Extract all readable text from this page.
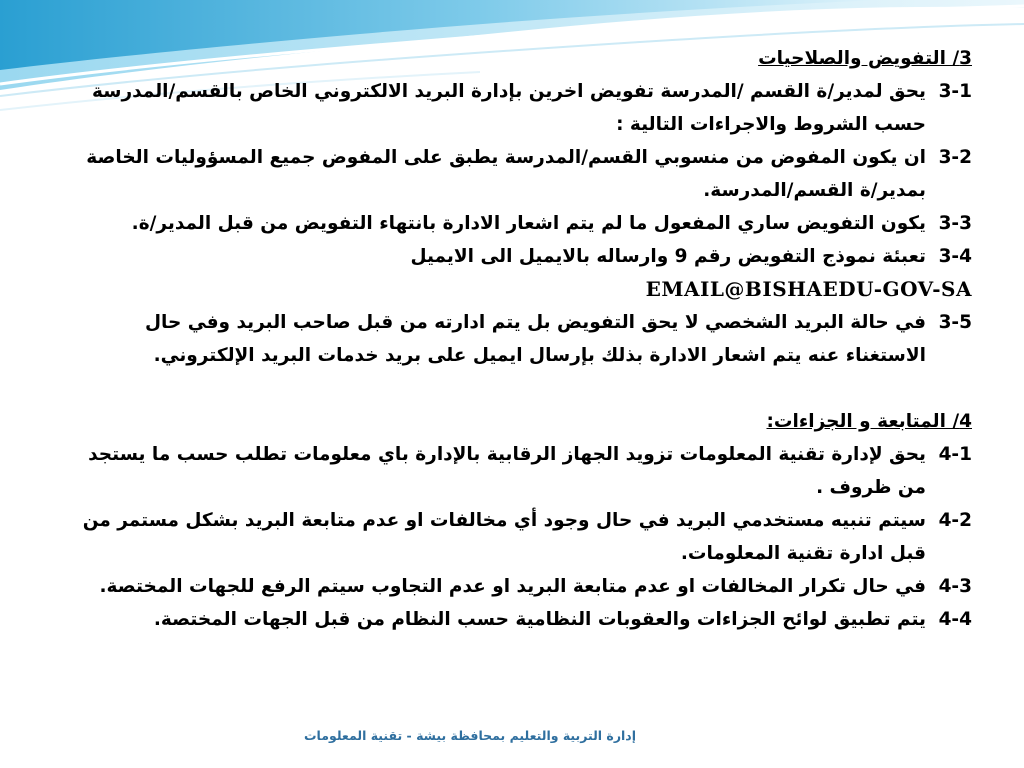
3/ التفويض والصلاحيات
3-1
يحق لمدير/ة القسم /المدرسة تفويض اخرين بإدارة البريد الالكتروني الخاص بالقسم/المدرسة حسب الشروط والاجراءات التالية :
3-2
ان يكون المفوض من منسوبي القسم/المدرسة يطبق على المفوض جميع المسؤوليات الخاصة بمدير/ة القسم/المدرسة.
3-3
يكون التفويض ساري المفعول ما لم يتم اشعار الادارة بانتهاء التفويض من قبل المدير/ة.
3-4
تعبئة نموذج التفويض رقم 9 وارساله بالايميل الى الايميل
EMAIL@BISHAEDU-GOV-SA
3-5
في حالة البريد الشخصي لا يحق التفويض بل يتم ادارته من قبل صاحب البريد وفي حال الاستغناء عنه يتم اشعار الادارة بذلك بإرسال ايميل على بريد خدمات البريد الإلكتروني.
4/ المتابعة و الجزاءات:
4-1
يحق لإدارة تقنية المعلومات تزويد الجهاز الرقابية بالإدارة باي معلومات تطلب حسب ما يستجد من ظروف .
4-2
سيتم تنبيه مستخدمي البريد في حال وجود أي مخالفات او عدم متابعة البريد بشكل مستمر من قبل ادارة تقنية المعلومات.
4-3
في حال تكرار المخالفات او عدم متابعة البريد او عدم التجاوب سيتم الرفع للجهات المختصة.
4-4
يتم تطبيق لوائح الجزاءات والعقوبات النظامية حسب النظام من قبل الجهات المختصة.
إدارة التربية والتعليم بمحافظة بيشة - تقنية المعلومات
